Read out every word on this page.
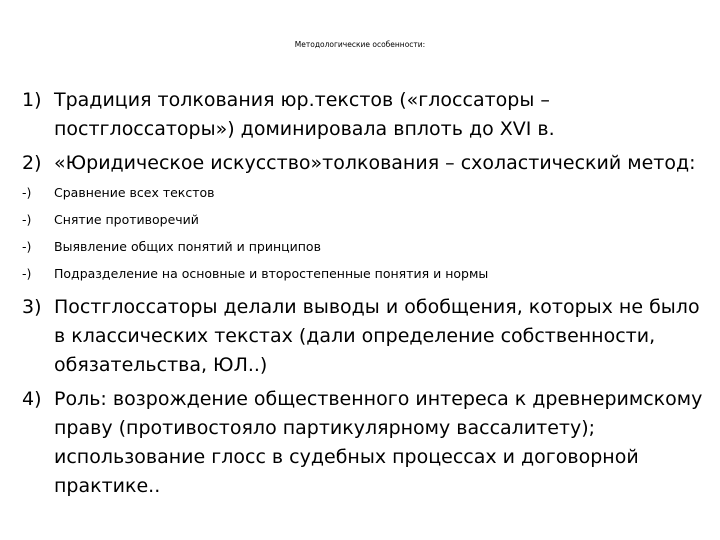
Методологические особенности:
1) Традиция толкования юр.текстов («глоссаторы – постглоссаторы») доминировала вплоть до XVI в.
2) «Юридическое искусство»толкования – схоластический метод:
-)	Сравнение всех текстов
-)	Снятие противоречий
-)	Выявление общих понятий и принципов
-)	Подразделение на основные и второстепенные понятия и нормы
3) Постглоссаторы делали выводы и обобщения, которых не было в классических текстах (дали определение собственности, обязательства, ЮЛ..)
4) Роль: возрождение общественного интереса к древнеримскому праву (противостояло партикулярному вассалитету); использование глосс в судебных процессах и договорной практике..
